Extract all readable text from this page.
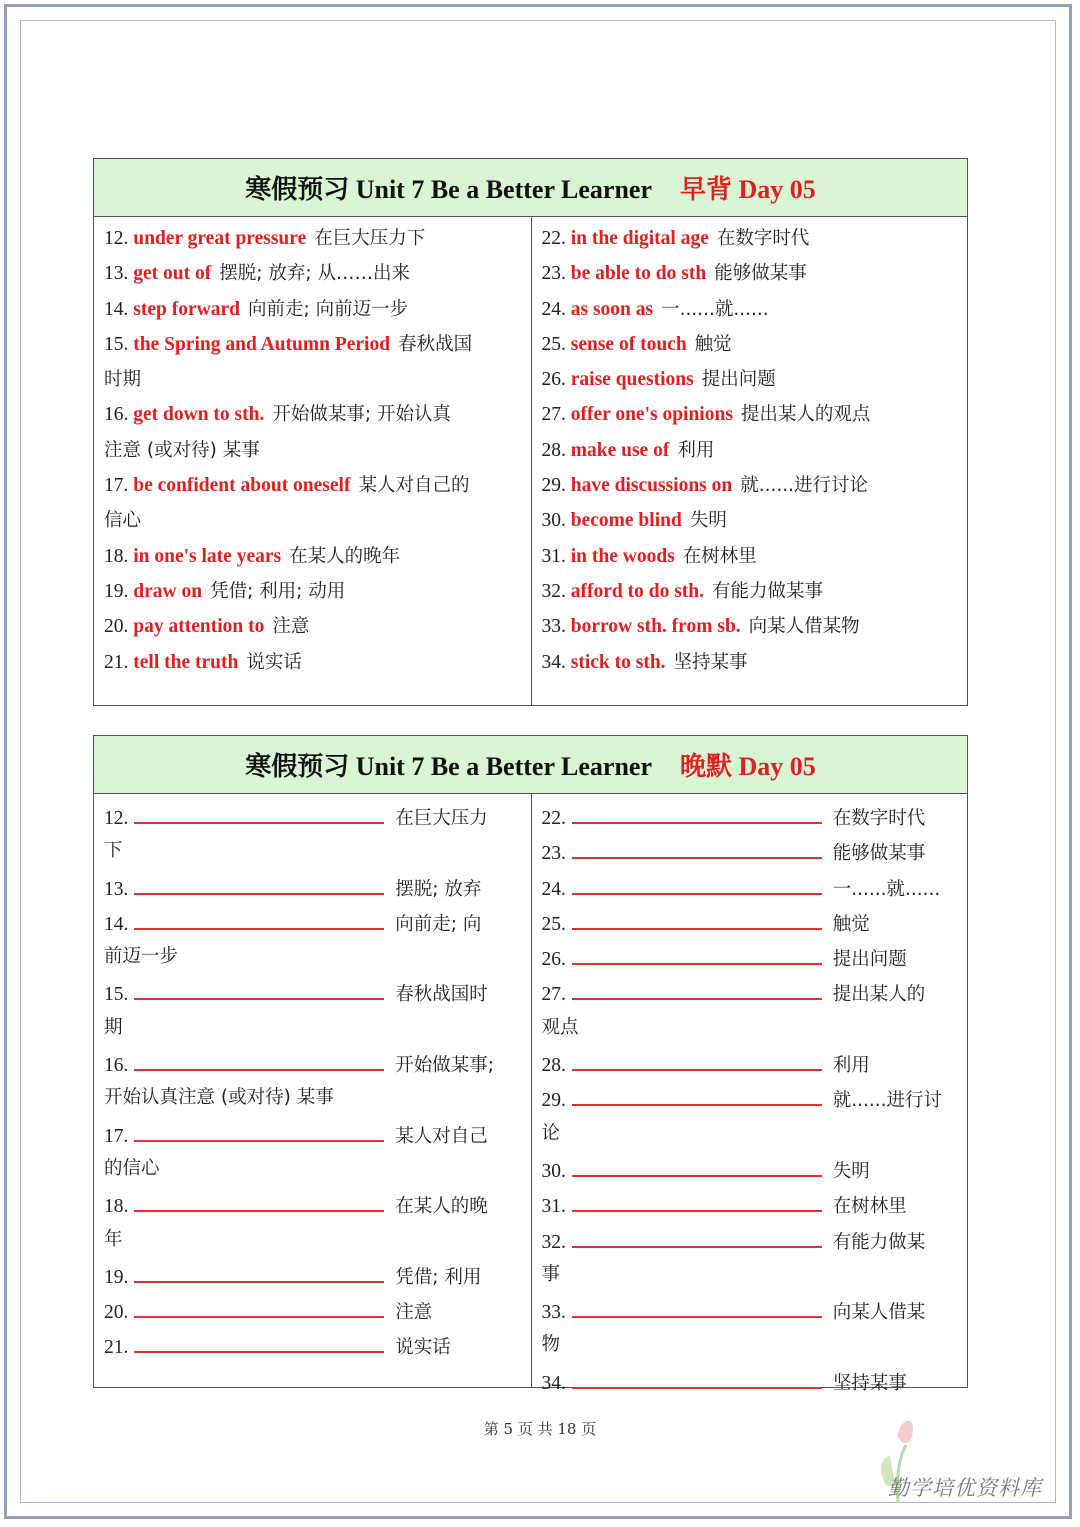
寒假预习 Unit 7 Be a Better Learner 早背 Day 05
12. under great pressure 在巨大压力下
13. get out of 摆脱; 放弃; 从……出来
14. step forward 向前走; 向前迈一步
15. the Spring and Autumn Period 春秋战国
时期
16. get down to sth. 开始做某事; 开始认真
注意 (或对待) 某事
17. be confident about oneself 某人对自己的
信心
18. in one's late years 在某人的晚年
19. draw on 凭借; 利用; 动用
20. pay attention to 注意
21. tell the truth 说实话
22. in the digital age 在数字时代
23. be able to do sth 能够做某事
24. as soon as 一......就......
25. sense of touch 触觉
26. raise questions 提出问题
27. offer one's opinions 提出某人的观点
28. make use of 利用
29. have discussions on 就......进行讨论
30. become blind 失明
31. in the woods 在树林里
32. afford to do sth. 有能力做某事
33. borrow sth. from sb. 向某人借某物
34. stick to sth. 坚持某事
寒假预习 Unit 7 Be a Better Learner 晚默 Day 05
12.	在巨大压力
下
13.	摆脱; 放弃
14.	向前走; 向
前迈一步
15.	春秋战国时
期
16.	开始做某事;
开始认真注意 (或对待) 某事
17.	某人对自己
的信心
18.	在某人的晚
年
19.	凭借; 利用
20.	注意
21.	说实话
22.	在数字时代
23.	能够做某事
24.	一......就......
25.	触觉
26.	提出问题
27.	提出某人的
观点
28.	利用
29.	就......进行讨
论
30.	失明
31.	在树林里
32.	有能力做某
事
33.	向某人借某
物
34.	坚持某事
第 5 页 共 18 页
勤学培优资料库
